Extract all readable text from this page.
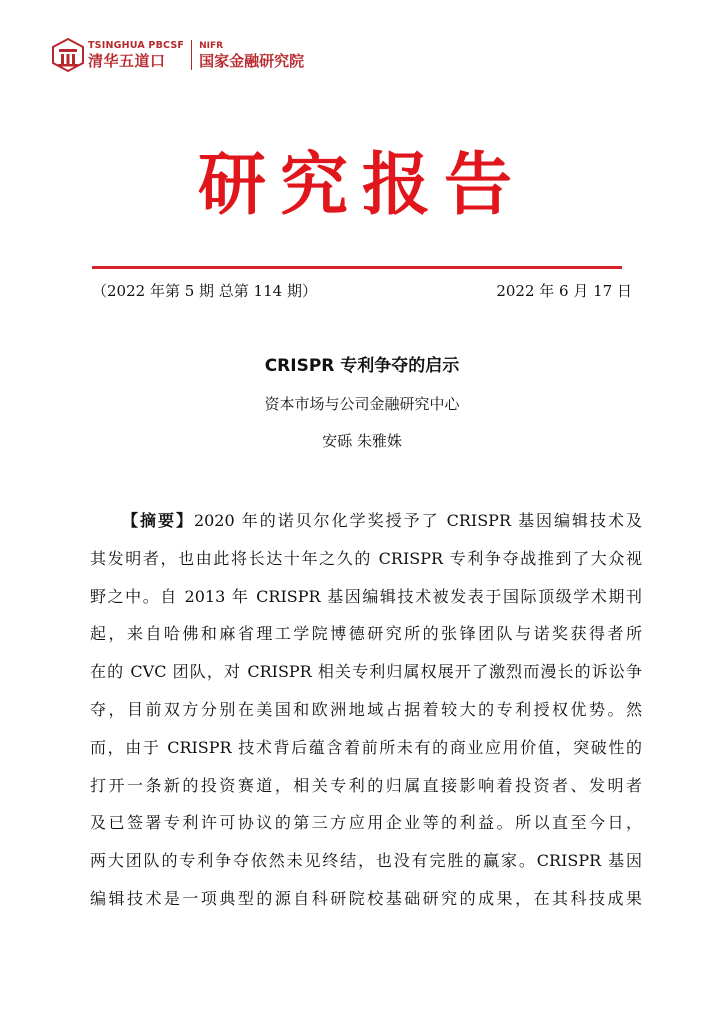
TSINGHUA PBCSF
清华五道口
NIFR
国家金融研究院
研究报告
（2022 年第 5 期 总第 114 期）	2022 年 6 月 17 日
CRISPR 专利争夺的启示
资本市场与公司金融研究中心
安砾 朱雅姝
【摘要】2020 年的诺贝尔化学奖授予了 CRISPR 基因编辑技术及
其发明者，也由此将长达十年之久的 CRISPR 专利争夺战推到了大众视
野之中。自 2013 年 CRISPR 基因编辑技术被发表于国际顶级学术期刊
起，来自哈佛和麻省理工学院博德研究所的张锋团队与诺奖获得者所
在的 CVC 团队，对 CRISPR 相关专利归属权展开了激烈而漫长的诉讼争
夺，目前双方分别在美国和欧洲地域占据着较大的专利授权优势。然
而，由于 CRISPR 技术背后蕴含着前所未有的商业应用价值，突破性的
打开一条新的投资赛道，相关专利的归属直接影响着投资者、发明者
及已签署专利许可协议的第三方应用企业等的利益。所以直至今日，
两大团队的专利争夺依然未见终结，也没有完胜的赢家。CRISPR 基因
编辑技术是一项典型的源自科研院校基础研究的成果，在其科技成果
